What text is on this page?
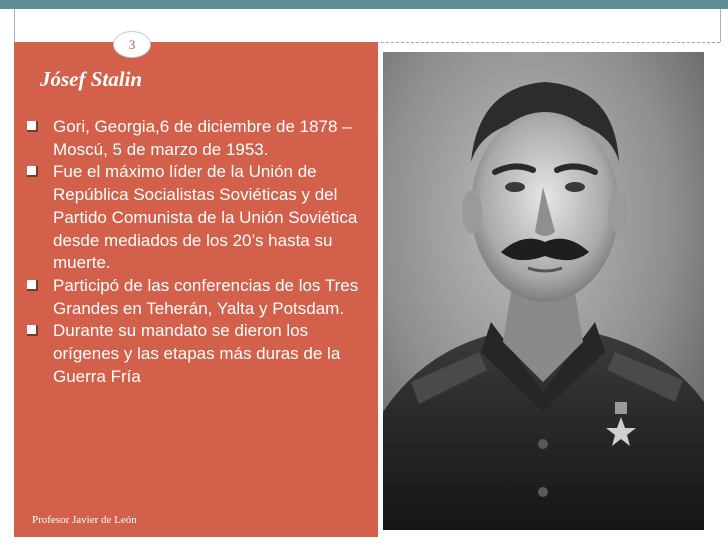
3
Jósef Stalin
Gori, Georgia,6 de diciembre de 1878 – Moscú, 5 de marzo de 1953.
Fue el máximo líder de la Unión de República Socialistas Soviéticas y del Partido Comunista de la Unión Soviética desde mediados de los 20’s hasta su muerte.
Participó de las conferencias de los Tres Grandes en Teherán, Yalta y Potsdam.
Durante su mandato se dieron los orígenes y las etapas más duras de la Guerra Fría
Profesor Javier de León
